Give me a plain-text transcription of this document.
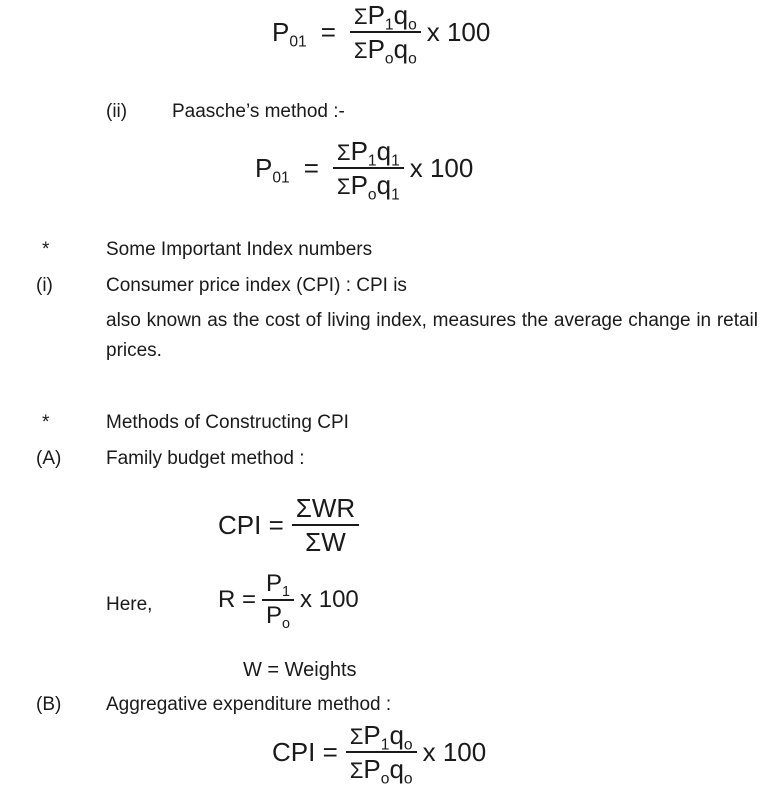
$P_{01} = \frac{\Sigma P_1q_o}{\Sigma P_oq_o}$ x 100
(ii) Paasche’s method :-
$P_{01} = \frac{\Sigma P_1q_1}{\Sigma P_oq_1}$ x 100
*	Some Important Index numbers
(i)	Consumer price index (CPI) : CPI is
also known as the cost of living index, measures the average change in retail prices.
*	Methods of Constructing CPI
(A) Family budget method :
CPI = $\frac{\text{ΣWR}}{\Sigma W}$
Here,	$R = \frac{P_1}{P_o}$ x 100
W = Weights
(B) Aggregative expenditure method :
CPI = $\frac{\Sigma P_1q_o}{\Sigma P_oq_o}$ x 100
